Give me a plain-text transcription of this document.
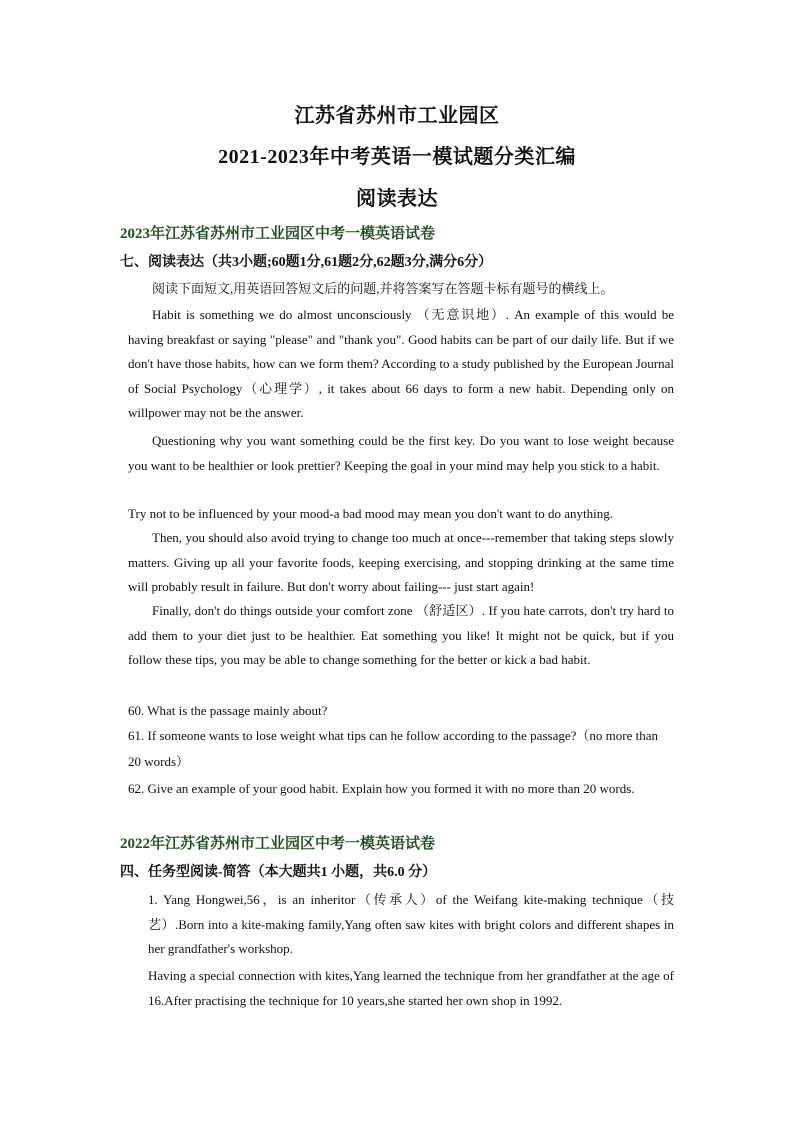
江苏省苏州市工业园区
2021-2023年中考英语一模试题分类汇编
阅读表达
2023年江苏省苏州市工业园区中考一模英语试卷
七、阅读表达（共3小题;60题1分,61题2分,62题3分,满分6分）
阅读下面短文,用英语回答短文后的问题,并将答案写在答题卡标有题号的横线上。
Habit is something we do almost unconsciously （无意识地）. An example of this would be having breakfast or saying "please" and "thank you". Good habits can be part of our daily life. But if we don't have those habits, how can we form them? According to a study published by the European Journal of Social Psychology（心理学）, it takes about 66 days to form a new habit. Depending only on willpower may not be the answer.
Questioning why you want something could be the first key. Do you want to lose weight because you want to be healthier or look prettier? Keeping the goal in your mind may help you stick to a habit.
Try not to be influenced by your mood-a bad mood may mean you don't want to do anything.
Then, you should also avoid trying to change too much at once---remember that taking steps slowly matters. Giving up all your favorite foods, keeping exercising, and stopping drinking at the same time will probably result in failure. But don't worry about failing--- just start again!
Finally, don't do things outside your comfort zone （舒适区）. If you hate carrots, don't try hard to add them to your diet just to be healthier. Eat something you like! It might not be quick, but if you follow these tips, you may be able to change something for the better or kick a bad habit.
60. What is the passage mainly about?
61. If someone wants to lose weight what tips can he follow according to the passage?（no more than 20 words）
62. Give an example of your good habit. Explain how you formed it with no more than 20 words.
2022年江苏省苏州市工业园区中考一模英语试卷
四、任务型阅读-简答（本大题共1 小题，共6.0 分）
1. Yang Hongwei,56，is an inheritor（传承人）of the Weifang kite-making technique（技艺）.Born into a kite-making family,Yang often saw kites with bright colors and different shapes in her grandfather's workshop.
Having a special connection with kites,Yang learned the technique from her grandfather at the age of 16.After practising the technique for 10 years,she started her own shop in 1992.
